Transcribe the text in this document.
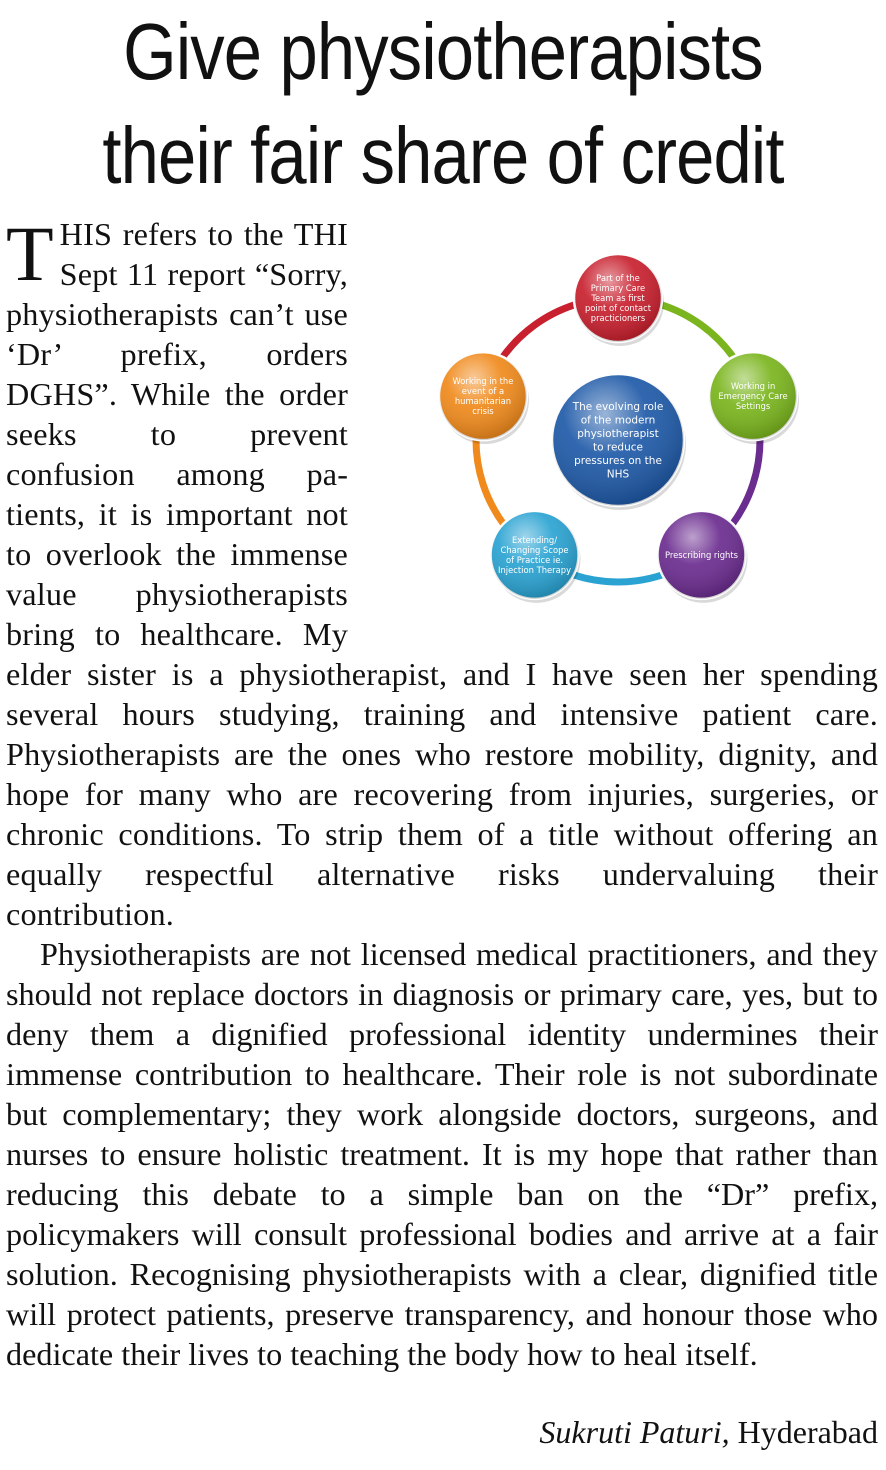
Give physiotherapists
their fair share of credit
Part of the Primary Care Team as first point of contact practicioners
Working in Emergency Care Settings
Prescribing rights
Extending/ Changing Scope of Practice ie. Injection Therapy
Working in the event of a humanitarian crisis	The evolving role of the modern physiotherapist to reduce pressures on the NHS

THIS refers to the THI Sept 11 report “Sorry, physiotherapists can’t use ‘Dr’ prefix, orders DGHS”. While the order seeks to prevent confusion among patients, it is important not to overlook the immense value physiotherapists bring to healthcare. My elder sister is a physiotherapist, and I have seen her spending several hours studying, training and intensive patient care. Physiotherapists are the ones who restore mobility, dignity, and hope for many who are recovering from injuries, surgeries, or chronic conditions. To strip them of a title without offering an equally respectful alternative risks undervaluing their contribution.

Physiotherapists are not licensed medical practitioners, and they should not replace doctors in diagnosis or primary care, yes, but to deny them a dignified professional identity undermines their immense contribution to healthcare. Their role is not subordinate but complementary; they work alongside doctors, surgeons, and nurses to ensure holistic treatment. It is my hope that rather than reducing this debate to a simple ban on the “Dr” prefix, policymakers will consult professional bodies and arrive at a fair solution. Recognising physiotherapists with a clear, dignified title will protect patients, preserve transparency, and honour those who dedicate their lives to teaching the body how to heal itself.

Sukruti Paturi, Hyderabad
